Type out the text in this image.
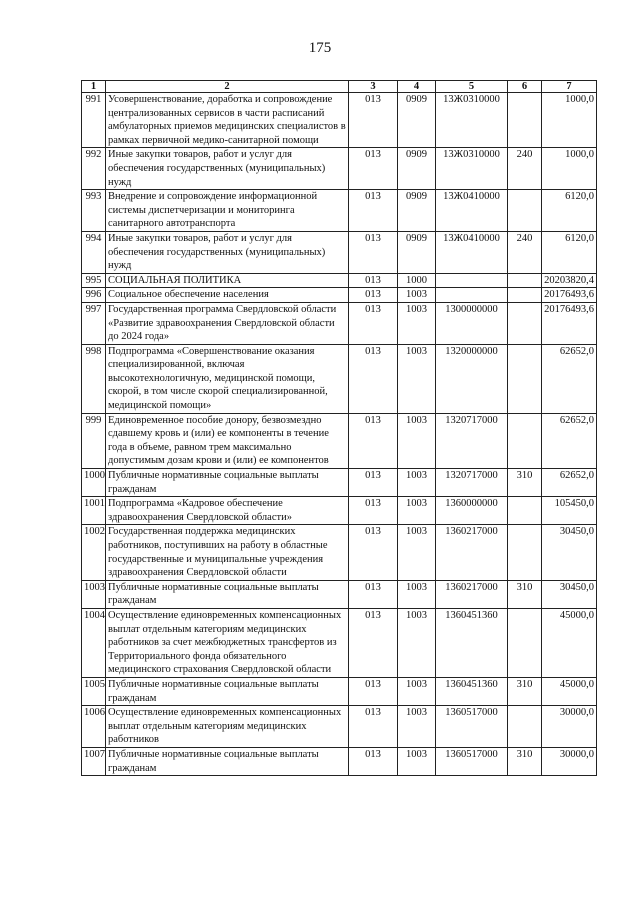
175
1	2	3	4	5	6	7
991	Усовершенствование, доработка и сопровождение централизованных сервисов в части расписаний амбулаторных приемов медицинских специалистов в рамках первичной медико-санитарной помощи	013	0909	13Ж0310000		1000,0
992	Иные закупки товаров, работ и услуг для обеспечения государственных (муниципальных) нужд	013	0909	13Ж0310000	240	1000,0
993	Внедрение и сопровождение информационной системы диспетчеризации и мониторинга санитарного автотранспорта	013	0909	13Ж0410000		6120,0
994	Иные закупки товаров, работ и услуг для обеспечения государственных (муниципальных) нужд	013	0909	13Ж0410000	240	6120,0
995	СОЦИАЛЬНАЯ ПОЛИТИКА	013	1000			20203820,4
996	Социальное обеспечение населения	013	1003			20176493,6
997	Государственная программа Свердловской области «Развитие здравоохранения Свердловской области до 2024 года»	013	1003	1300000000		20176493,6
998	Подпрограмма «Совершенствование оказания специализированной, включая высокотехнологичную, медицинской помощи, скорой, в том числе скорой специализированной, медицинской помощи»	013	1003	1320000000		62652,0
999	Единовременное пособие донору, безвозмездно сдавшему кровь и (или) ее компоненты в течение года в объеме, равном трем максимально допустимым дозам крови и (или) ее компонентов	013	1003	1320717000		62652,0
1000	Публичные нормативные социальные выплаты гражданам	013	1003	1320717000	310	62652,0
1001	Подпрограмма «Кадровое обеспечение здравоохранения Свердловской области»	013	1003	1360000000		105450,0
1002	Государственная поддержка медицинских работников, поступивших на работу в областные государственные и муниципальные учреждения здравоохранения Свердловской области	013	1003	1360217000		30450,0
1003	Публичные нормативные социальные выплаты гражданам	013	1003	1360217000	310	30450,0
1004	Осуществление единовременных компенсационных выплат отдельным категориям медицинских работников за счет межбюджетных трансфертов из Территориального фонда обязательного медицинского страхования Свердловской области	013	1003	1360451360		45000,0
1005	Публичные нормативные социальные выплаты гражданам	013	1003	1360451360	310	45000,0
1006	Осуществление единовременных компенсационных выплат отдельным категориям медицинских работников	013	1003	1360517000		30000,0
1007	Публичные нормативные социальные выплаты гражданам	013	1003	1360517000	310	30000,0
